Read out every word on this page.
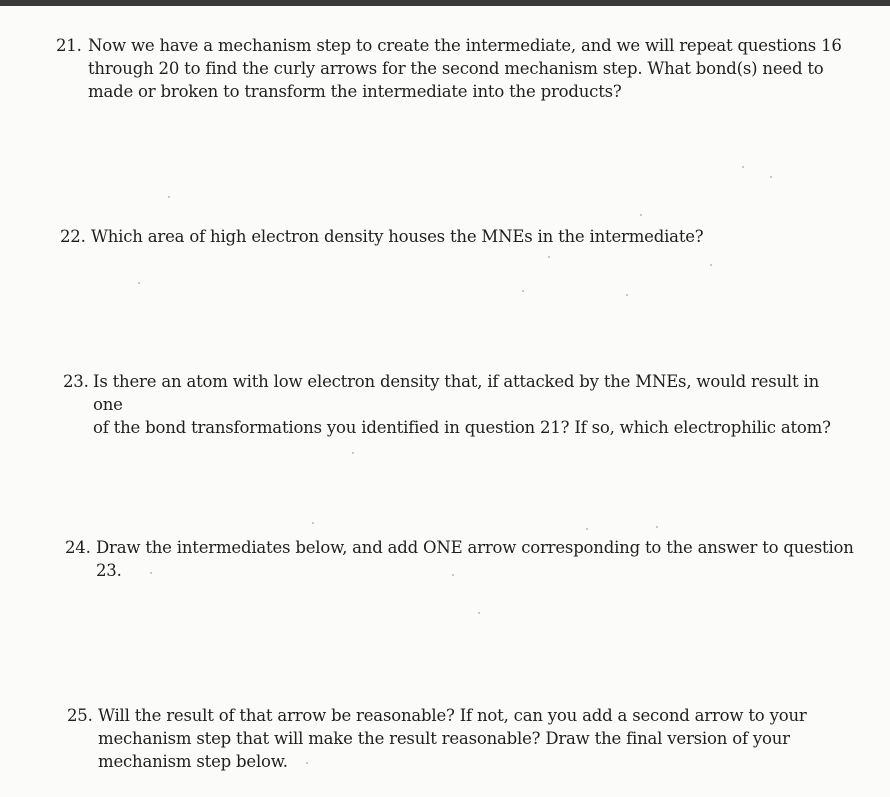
21. Now we have a mechanism step to create the intermediate, and we will repeat questions 16
through 20 to find the curly arrows for the second mechanism step. What bond(s) need to
made or broken to transform the intermediate into the products?
22. Which area of high electron density houses the MNEs in the intermediate?
23. Is there an atom with low electron density that, if attacked by the MNEs, would result in one
of the bond transformations you identified in question 21? If so, which electrophilic atom?
24. Draw the intermediates below, and add ONE arrow corresponding to the answer to question
23.
25. Will the result of that arrow be reasonable? If not, can you add a second arrow to your
mechanism step that will make the result reasonable? Draw the final version of your
mechanism step below.
